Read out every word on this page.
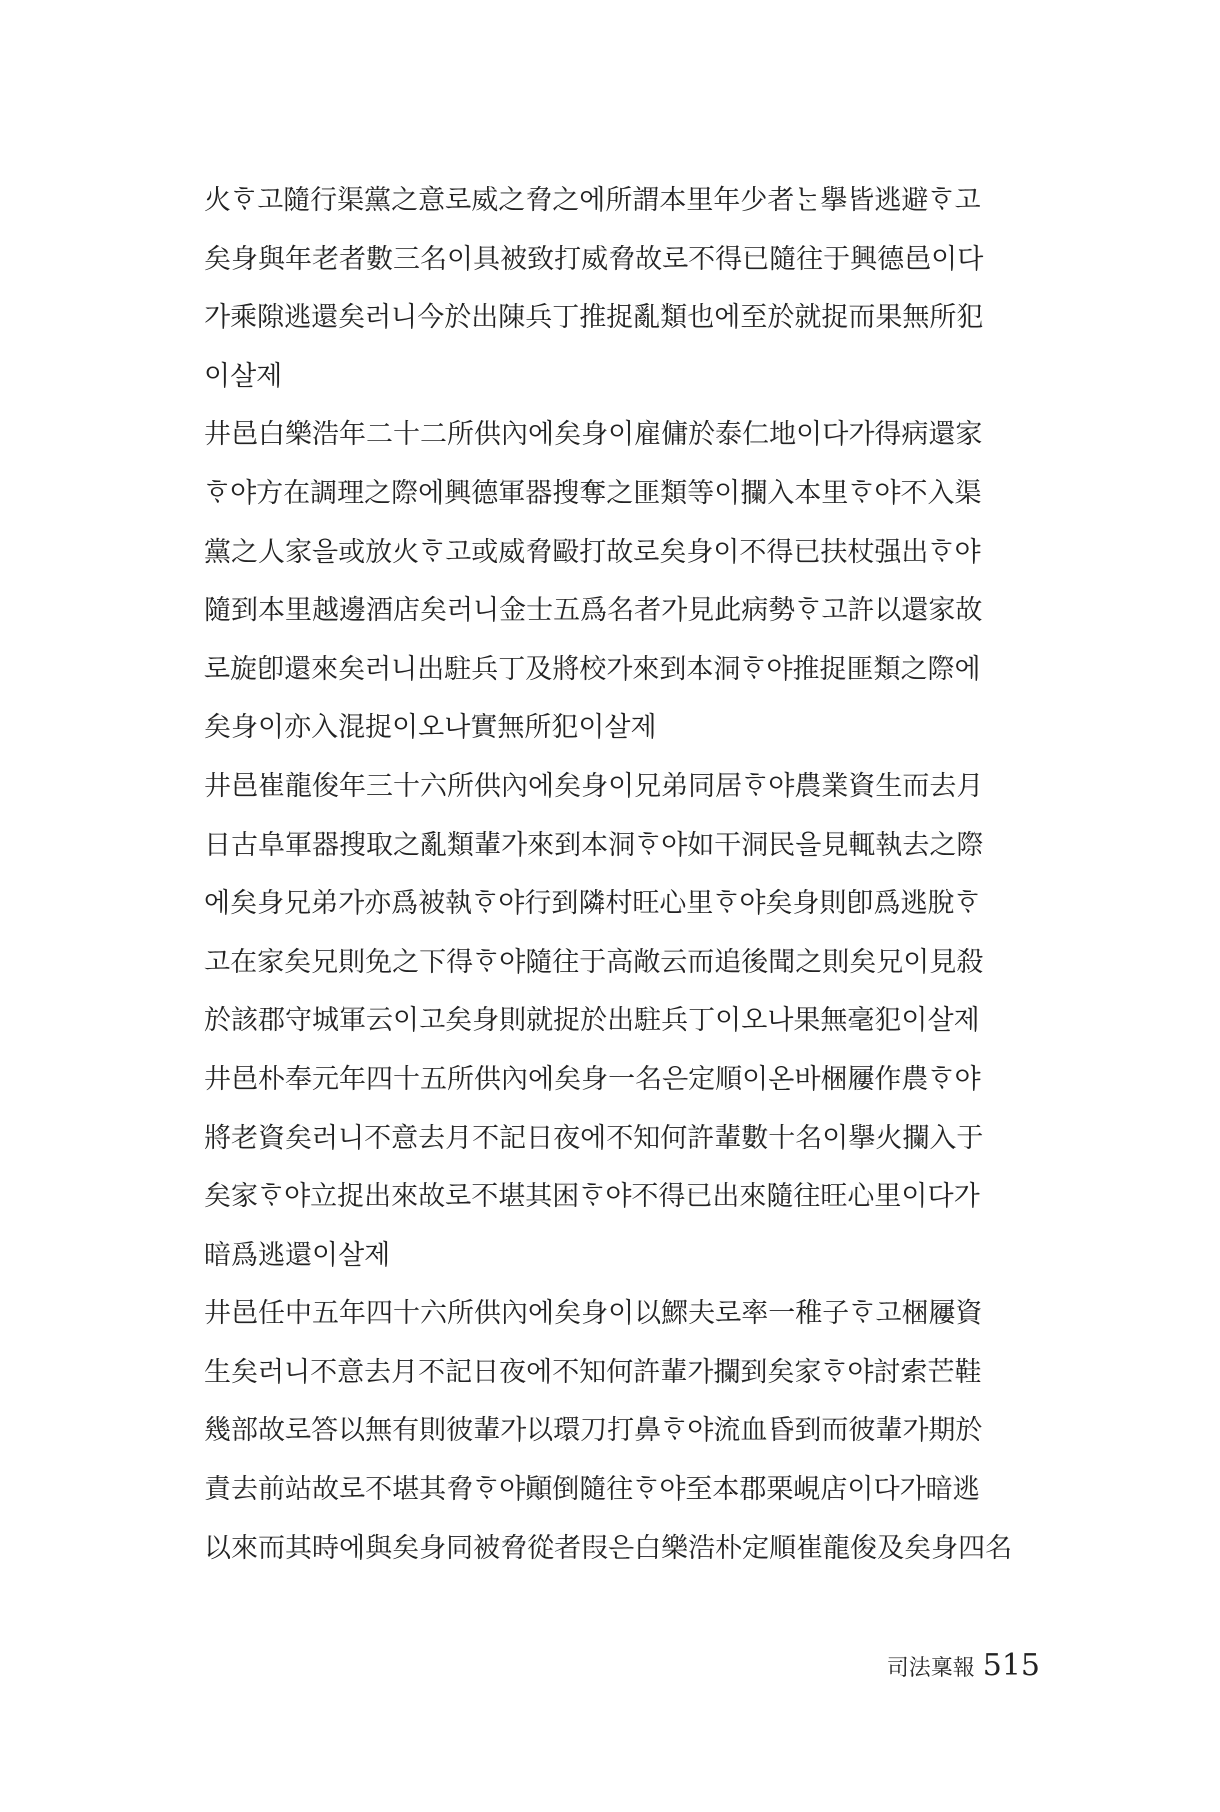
火ᄒᆞ고隨行渠黨之意로威之脅之에所謂本里年少者ᄂᆞᆫ擧皆逃避ᄒᆞ고
矣身與年老者數三名이具被致打威脅故로不得已隨往于興德邑이다
가乘隙逃還矣러니今於出陳兵丁推捉亂類也에至於就捉而果無所犯
이살제
井邑白樂浩年二十二所供內에矣身이雇傭於泰仁地이다가得病還家
ᄒᆞ야方在調理之際에興德軍器搜奪之匪類等이攔入本里ᄒᆞ야不入渠
黨之人家을或放火ᄒᆞ고或威脅毆打故로矣身이不得已扶杖强出ᄒᆞ야
隨到本里越邊酒店矣러니金士五爲名者가見此病勢ᄒᆞ고許以還家故
로旋卽還來矣러니出駐兵丁及將校가來到本洞ᄒᆞ야推捉匪類之際에
矣身이亦入混捉이오나實無所犯이살제
井邑崔龍俊年三十六所供內에矣身이兄弟同居ᄒᆞ야農業資生而去月
日古阜軍器搜取之亂類輩가來到本洞ᄒᆞ야如干洞民을見輒執去之際
에矣身兄弟가亦爲被執ᄒᆞ야行到隣村旺心里ᄒᆞ야矣身則卽爲逃脫ᄒᆞ
고在家矣兄則免之下得ᄒᆞ야隨往于高敞云而追後聞之則矣兄이見殺
於該郡守城軍云이고矣身則就捉於出駐兵丁이오나果無毫犯이살제
井邑朴奉元年四十五所供內에矣身一名은定順이온바梱屨作農ᄒᆞ야
將老資矣러니不意去月不記日夜에不知何許輩數十名이擧火攔入于
矣家ᄒᆞ야立捉出來故로不堪其困ᄒᆞ야不得已出來隨往旺心里이다가
暗爲逃還이살제
井邑任中五年四十六所供內에矣身이以鰥夫로率一稚子ᄒᆞ고梱屨資
生矣러니不意去月不記日夜에不知何許輩가攔到矣家ᄒᆞ야討索芒鞋
幾部故로答以無有則彼輩가以環刀打鼻ᄒᆞ야流血昏到而彼輩가期於
責去前站故로不堪其脅ᄒᆞ야顚倒隨往ᄒᆞ야至本郡栗峴店이다가暗逃
以來而其時에與矣身同被脅從者叚은白樂浩朴定順崔龍俊及矣身四名
司法稟報 515
